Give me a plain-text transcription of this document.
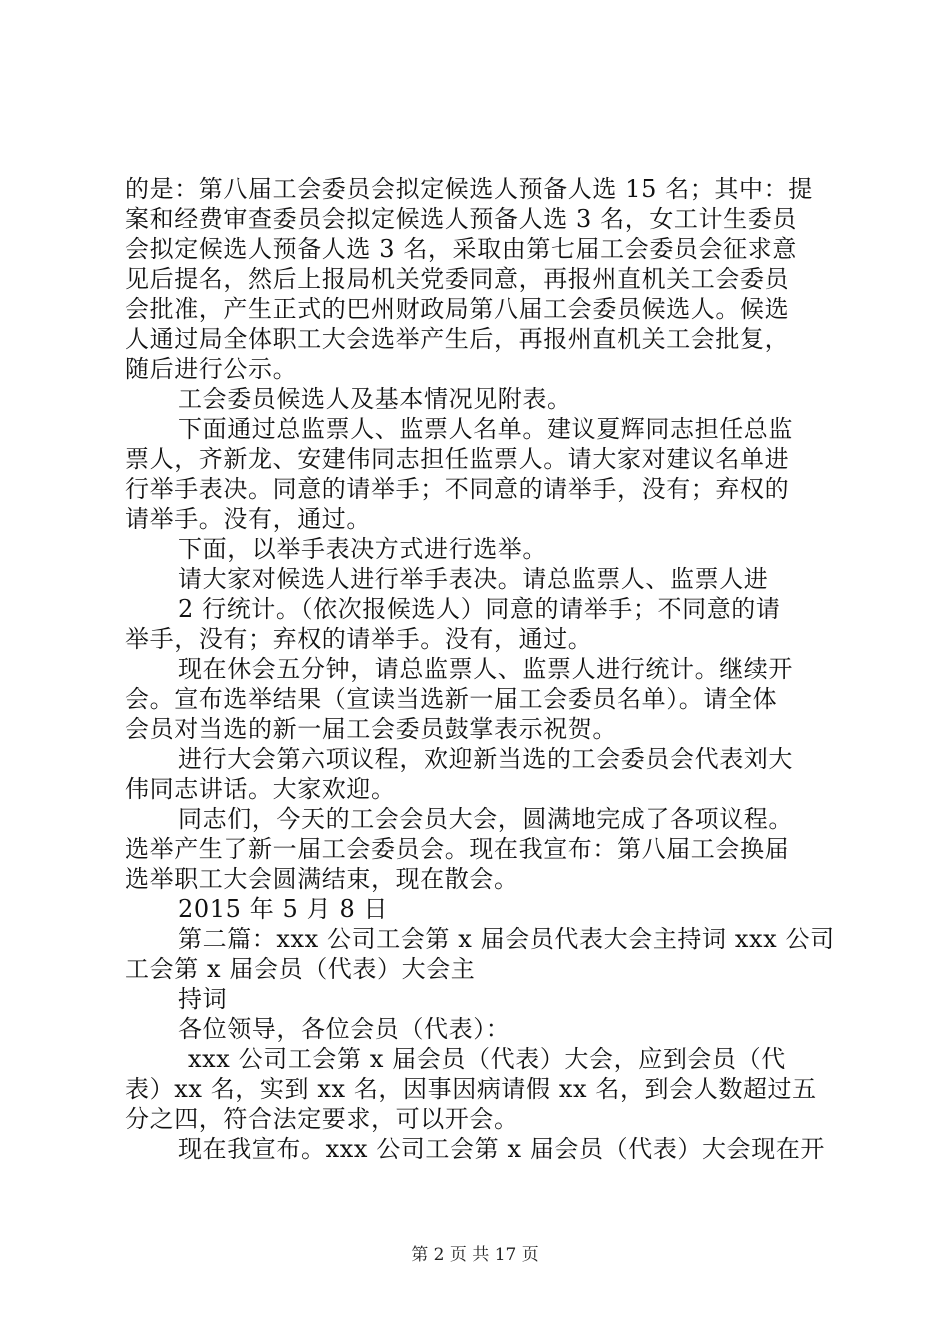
的是：第八届工会委员会拟定候选人预备人选 15 名；其中：提
案和经费审查委员会拟定候选人预备人选 3 名，女工计生委员
会拟定候选人预备人选 3 名，采取由第七届工会委员会征求意
见后提名，然后上报局机关党委同意，再报州直机关工会委员
会批准，产生正式的巴州财政局第八届工会委员候选人。候选
人通过局全体职工大会选举产生后，再报州直机关工会批复，
随后进行公示。
工会委员候选人及基本情况见附表。
下面通过总监票人、监票人名单。建议夏辉同志担任总监
票人，齐新龙、安建伟同志担任监票人。请大家对建议名单进
行举手表决。同意的请举手；不同意的请举手，没有；弃权的
请举手。没有，通过。
下面，以举手表决方式进行选举。
请大家对候选人进行举手表决。请总监票人、监票人进
2 行统计。（依次报候选人）同意的请举手；不同意的请
举手，没有；弃权的请举手。没有，通过。
现在休会五分钟，请总监票人、监票人进行统计。继续开
会。宣布选举结果（宣读当选新一届工会委员名单）。请全体
会员对当选的新一届工会委员鼓掌表示祝贺。
进行大会第六项议程，欢迎新当选的工会委员会代表刘大
伟同志讲话。大家欢迎。
同志们，今天的工会会员大会，圆满地完成了各项议程。
选举产生了新一届工会委员会。现在我宣布：第八届工会换届
选举职工大会圆满结束，现在散会。
2015 年 5 月 8 日
第二篇：xxx 公司工会第 x 届会员代表大会主持词 xxx 公司
工会第 x 届会员（代表）大会主
持词
各位领导，各位会员（代表）：
xxx 公司工会第 x 届会员（代表）大会，应到会员（代
表）xx 名，实到 xx 名，因事因病请假 xx 名，到会人数超过五
分之四，符合法定要求，可以开会。
现在我宣布。xxx 公司工会第 x 届会员（代表）大会现在开
第 2 页 共 17 页
